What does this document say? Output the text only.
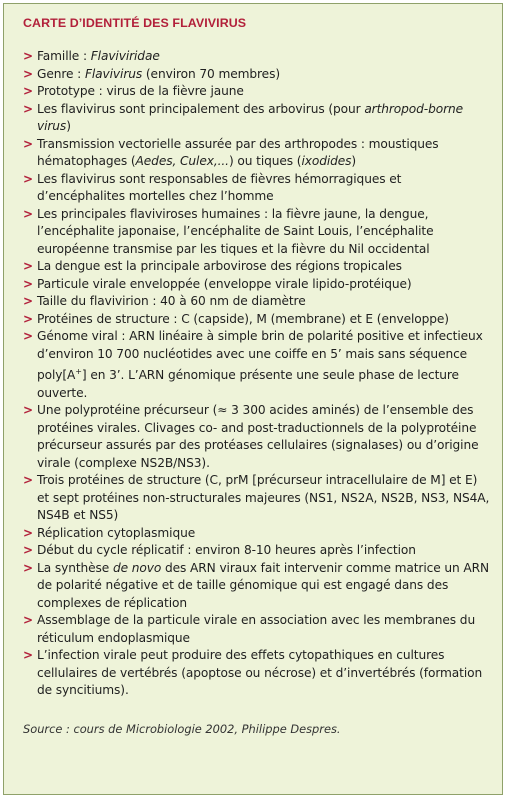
CARTE D’IDENTITÉ DES FLAVIVIRUS
> Famille : Flaviviridae
> Genre : Flavivirus (environ 70 membres)
> Prototype : virus de la fièvre jaune
> Les flavivirus sont principalement des arbovirus (pour arthropod-borne virus)
> Transmission vectorielle assurée par des arthropodes : moustiques hématophages (Aedes, Culex,...) ou tiques (ixodides)
> Les flavivirus sont responsables de fièvres hémorragiques et d’encéphalites mortelles chez l’homme
> Les principales flaviviroses humaines : la fièvre jaune, la dengue, l’encéphalite japonaise, l’encéphalite de Saint Louis, l’encéphalite européenne transmise par les tiques et la fièvre du Nil occidental
> La dengue est la principale arbovirose des régions tropicales
> Particule virale enveloppée (enveloppe virale lipido-protéique)
> Taille du flavivirion : 40 à 60 nm de diamètre
> Protéines de structure : C (capside), M (membrane) et E (enveloppe)
> Génome viral : ARN linéaire à simple brin de polarité positive et infectieux d’environ 10 700 nucléotides avec une coiffe en 5’ mais sans séquence poly[A+] en 3’. L’ARN génomique présente une seule phase de lecture ouverte.
> Une polyprotéine précurseur (≈ 3 300 acides aminés) de l’ensemble des protéines virales. Clivages co- and post-traductionnels de la polyprotéine précurseur assurés par des protéases cellulaires (signalases) ou d’origine virale (complexe NS2B/NS3).
> Trois protéines de structure (C, prM [précurseur intracellulaire de M] et E) et sept protéines non-structurales majeures (NS1, NS2A, NS2B, NS3, NS4A, NS4B et NS5)
> Réplication cytoplasmique
> Début du cycle réplicatif : environ 8-10 heures après l’infection
> La synthèse de novo des ARN viraux fait intervenir comme matrice un ARN de polarité négative et de taille génomique qui est engagé dans des complexes de réplication
> Assemblage de la particule virale en association avec les membranes du réticulum endoplasmique
> L’infection virale peut produire des effets cytopathiques en cultures cellulaires de vertébrés (apoptose ou nécrose) et d’invertébrés (formation de syncitiums).
Source : cours de Microbiologie 2002, Philippe Despres.
